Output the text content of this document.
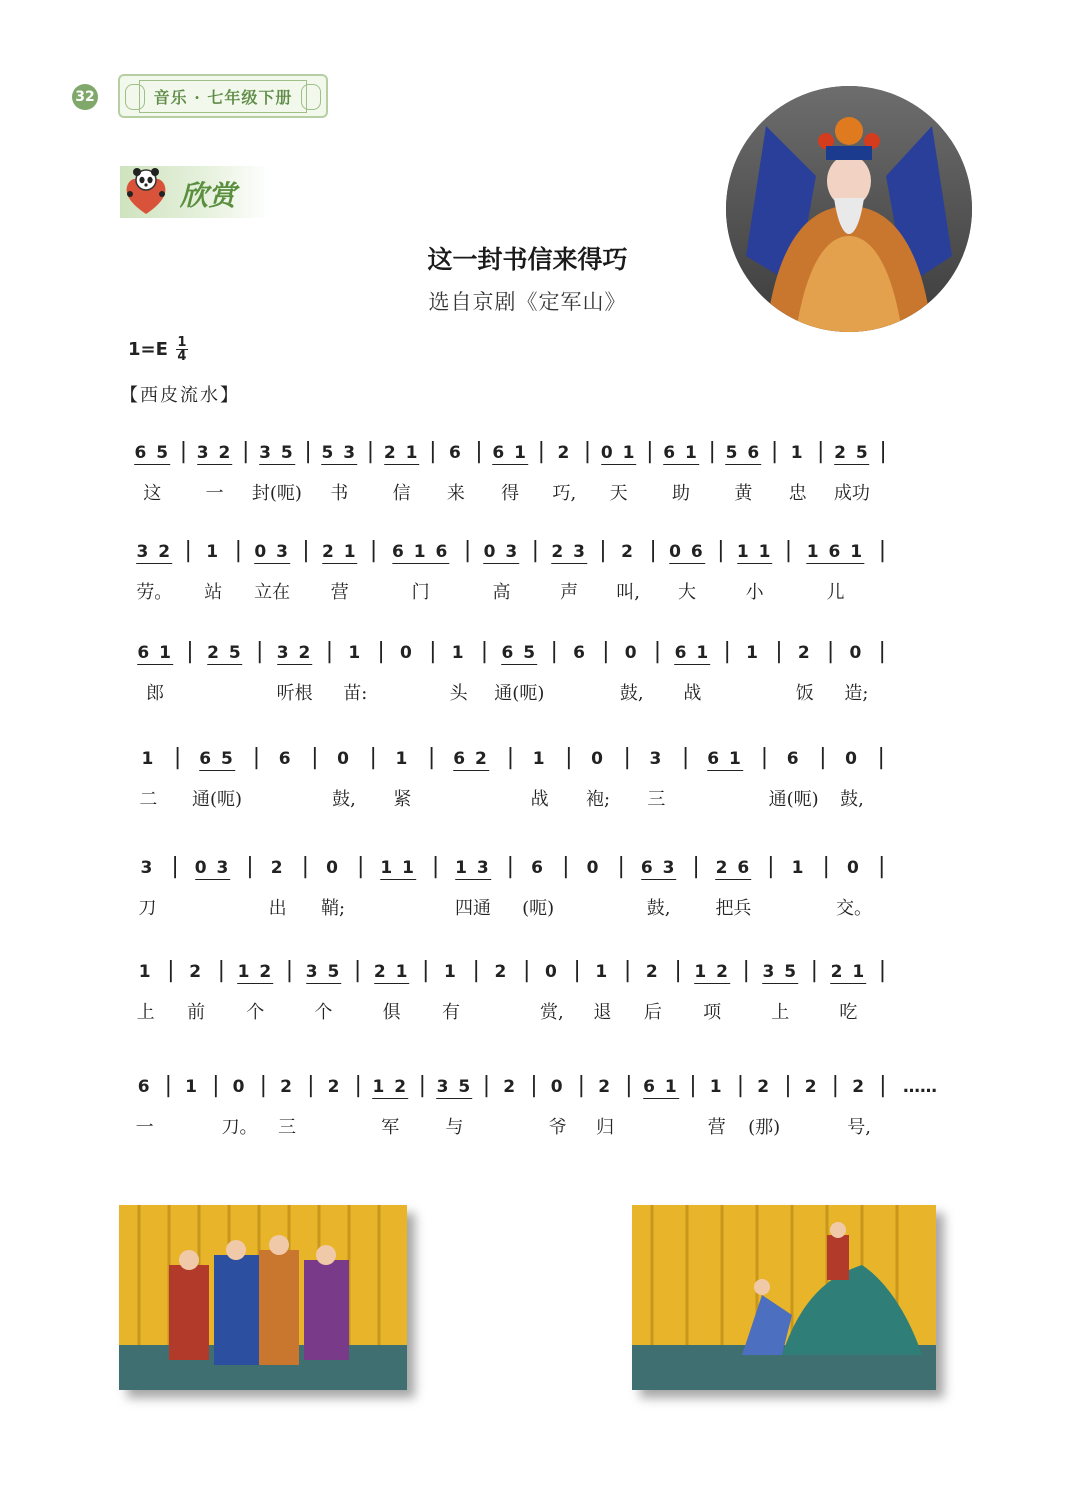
32	音乐 · 七年级下册
欣赏
这一封书信来得巧
选自京剧《定军山》
$1=E \frac{1}{4}$
【西皮流水】
6 5 | 3 2 | 3 5 | 5 3 | 2 1 | 6 | 6 1 | 2 | 0 1 | 6 1 | 5 6 | 1 | 2 5 |
这 一 封(呃) 书 信 来 得 巧, 天 助 黄 忠 成功
3 2 | 1 | 0 3 | 2 1 | 6 1 6 | 0 3 | 2 3 | 2 | 0 6 | 1 1 | 1 6 1 |
劳。 站 立在 营	门	高	声 叫, 大	小	儿
6 1 | 2 5 | 3 2 | 1 | 0 | 1 | 6 5 | 6 | 0 | 6 1 | 1 | 2 | 0 |
郎	听根 苗:	头 通(呃)	鼓, 战	饭 造;
1 | 6 5 | 6 | 0 | 1 | 6 2 | 1 | 0 | 3 | 6 1 | 6 | 0 |
二 通(呃)	鼓, 紧	战 袍; 三	通(呃) 鼓,
3 | 0 3 | 2 | 0 | 1 1 | 1 3 | 6 | 0 | 6 3 | 2 6 | 1 | 0 |
刀	出 鞘;	四通 (呃)	鼓, 把兵	交。
1 | 2 | 1 2 | 3 5 | 2 1 | 1 | 2 | 0 | 1 | 2 | 1 2 | 3 5 | 2 1 |
上 前 个	个	俱 有	赏, 退 后 项	上	吃
6 | 1 | 0 | 2 | 2 | 1 2 | 3 5 | 2 | 0 | 2 | 6 1 | 1 | 2 | 2 | 2 |
一	刀。 三	军	与	爷 归	营 (那)	号,
……
